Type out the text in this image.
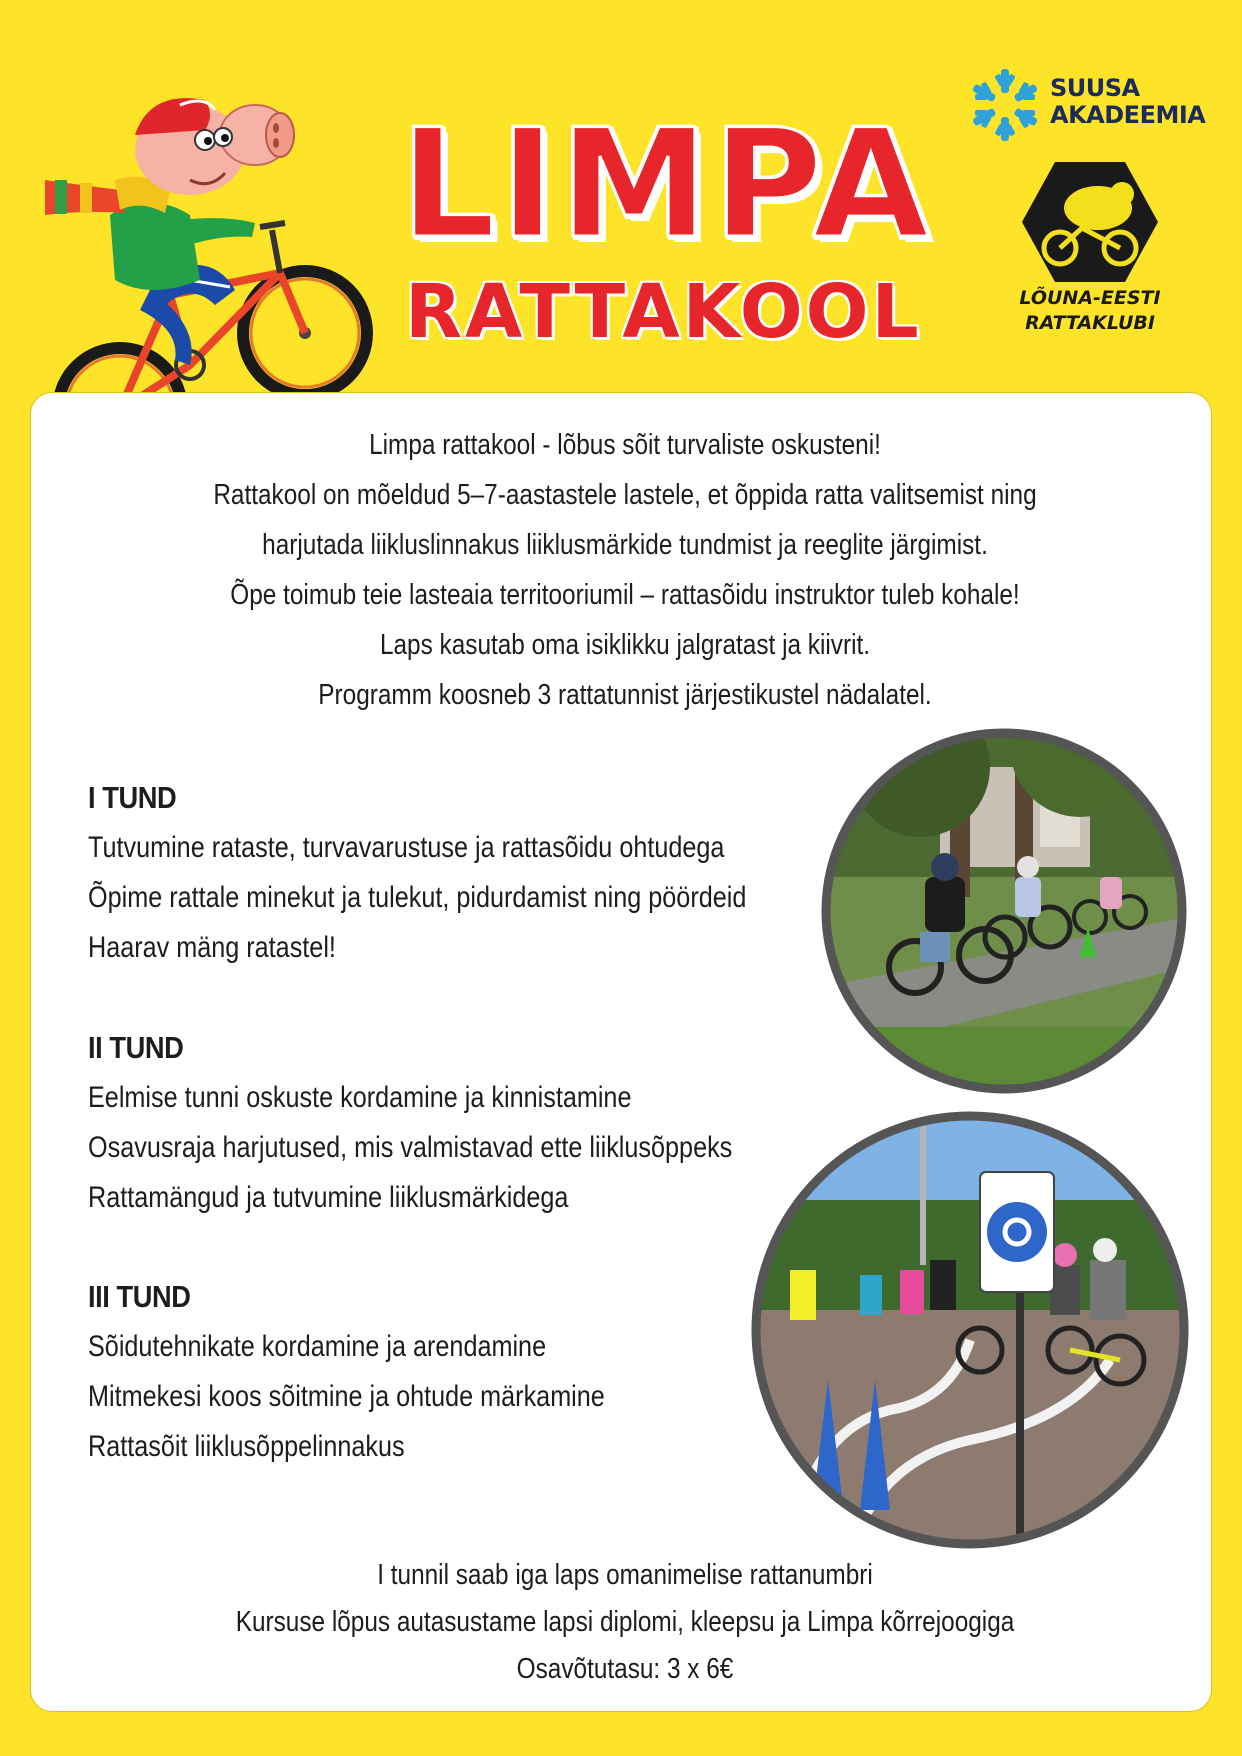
LIMPA
RATTAKOOL
SUUSA
AKADEEMIA
LÕUNA-EESTI
RATTAKLUBI
Limpa rattakool - lõbus sõit turvaliste oskusteni!
Rattakool on mõeldud 5–7-aastastele lastele, et õppida ratta valitsemist ning
harjutada liikluslinnakus liiklusmärkide tundmist ja reeglite järgimist.
Õpe toimub teie lasteaia territooriumil – rattasõidu instruktor tuleb kohale!
Laps kasutab oma isiklikku jalgratast ja kiivrit.
Programm koosneb 3 rattatunnist järjestikustel nädalatel.
I TUND
Tutvumine rataste, turvavarustuse ja rattasõidu ohtudega
Õpime rattale minekut ja tulekut, pidurdamist ning pöördeid
Haarav mäng ratastel!
II TUND
Eelmise tunni oskuste kordamine ja kinnistamine
Osavusraja harjutused, mis valmistavad ette liiklusõppeks
Rattamängud ja tutvumine liiklusmärkidega
III TUND
Sõidutehnikate kordamine ja arendamine
Mitmekesi koos sõitmine ja ohtude märkamine
Rattasõit liiklusõppelinnakus
I tunnil saab iga laps omanimelise rattanumbri
Kursuse lõpus autasustame lapsi diplomi, kleepsu ja Limpa kõrrejoogiga
Osavõtutasu: 3 x 6€
